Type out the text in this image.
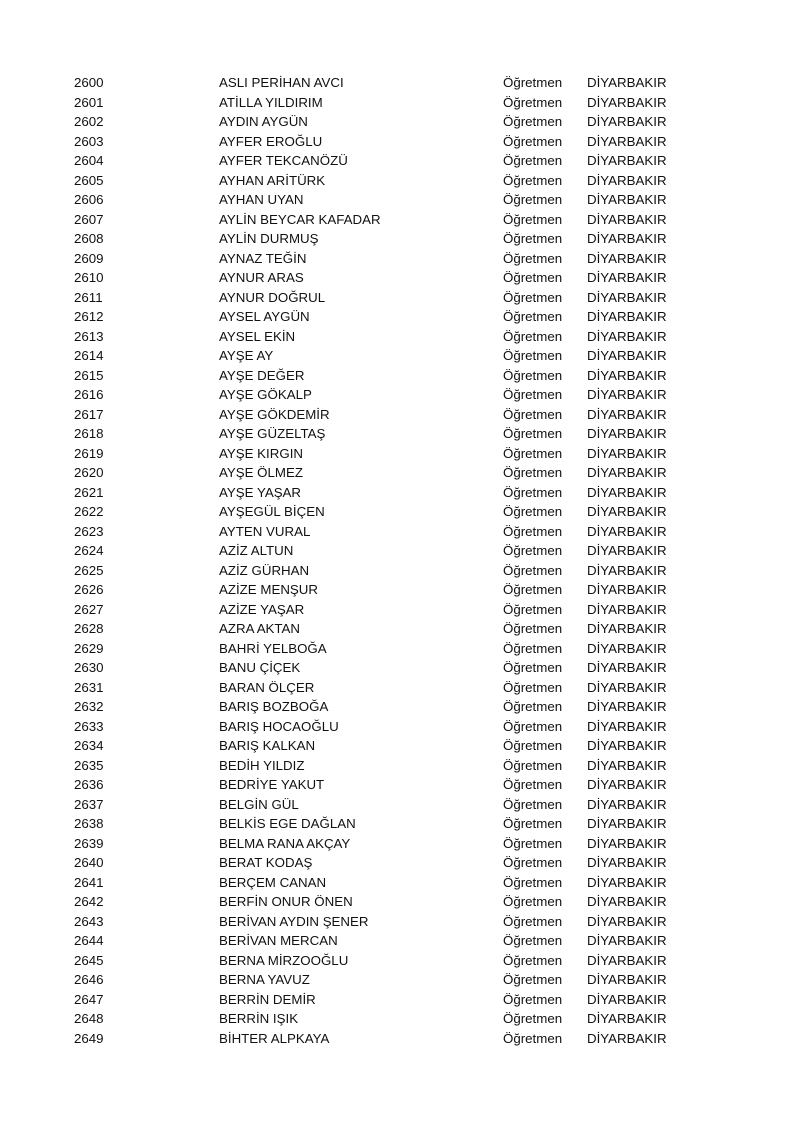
2600	ASLI PERİHAN AVCI	Öğretmen DİYARBAKIR
2601	ATİLLA YILDIRIM	Öğretmen DİYARBAKIR
2602	AYDIN AYGÜN	Öğretmen DİYARBAKIR
2603	AYFER EROĞLU	Öğretmen DİYARBAKIR
2604	AYFER TEKCANÖZÜ	Öğretmen DİYARBAKIR
2605	AYHAN ARİTÜRK	Öğretmen DİYARBAKIR
2606	AYHAN UYAN	Öğretmen DİYARBAKIR
2607	AYLİN BEYCAR KAFADAR	Öğretmen DİYARBAKIR
2608	AYLİN DURMUŞ	Öğretmen DİYARBAKIR
2609	AYNAZ TEĞİN	Öğretmen DİYARBAKIR
2610	AYNUR ARAS	Öğretmen DİYARBAKIR
2611	AYNUR DOĞRUL	Öğretmen DİYARBAKIR
2612	AYSEL AYGÜN	Öğretmen DİYARBAKIR
2613	AYSEL EKİN	Öğretmen DİYARBAKIR
2614	AYŞE AY	Öğretmen DİYARBAKIR
2615	AYŞE DEĞER	Öğretmen DİYARBAKIR
2616	AYŞE GÖKALP	Öğretmen DİYARBAKIR
2617	AYŞE GÖKDEMİR	Öğretmen DİYARBAKIR
2618	AYŞE GÜZELTAŞ	Öğretmen DİYARBAKIR
2619	AYŞE KIRGIN	Öğretmen DİYARBAKIR
2620	AYŞE ÖLMEZ	Öğretmen DİYARBAKIR
2621	AYŞE YAŞAR	Öğretmen DİYARBAKIR
2622	AYŞEGÜL BİÇEN	Öğretmen DİYARBAKIR
2623	AYTEN VURAL	Öğretmen DİYARBAKIR
2624	AZİZ ALTUN	Öğretmen DİYARBAKIR
2625	AZİZ GÜRHAN	Öğretmen DİYARBAKIR
2626	AZİZE MENŞUR	Öğretmen DİYARBAKIR
2627	AZİZE YAŞAR	Öğretmen DİYARBAKIR
2628	AZRA AKTAN	Öğretmen DİYARBAKIR
2629	BAHRİ YELBOĞA	Öğretmen DİYARBAKIR
2630	BANU ÇİÇEK	Öğretmen DİYARBAKIR
2631	BARAN ÖLÇER	Öğretmen DİYARBAKIR
2632	BARIŞ BOZBOĞA	Öğretmen DİYARBAKIR
2633	BARIŞ HOCAOĞLU	Öğretmen DİYARBAKIR
2634	BARIŞ KALKAN	Öğretmen DİYARBAKIR
2635	BEDİH YILDIZ	Öğretmen DİYARBAKIR
2636	BEDRİYE YAKUT	Öğretmen DİYARBAKIR
2637	BELGİN GÜL	Öğretmen DİYARBAKIR
2638	BELKİS EGE DAĞLAN	Öğretmen DİYARBAKIR
2639	BELMA RANA AKÇAY	Öğretmen DİYARBAKIR
2640	BERAT KODAŞ	Öğretmen DİYARBAKIR
2641	BERÇEM CANAN	Öğretmen DİYARBAKIR
2642	BERFİN ONUR ÖNEN	Öğretmen DİYARBAKIR
2643	BERİVAN AYDIN ŞENER	Öğretmen DİYARBAKIR
2644	BERİVAN MERCAN	Öğretmen DİYARBAKIR
2645	BERNA MİRZOOĞLU	Öğretmen DİYARBAKIR
2646	BERNA YAVUZ	Öğretmen DİYARBAKIR
2647	BERRİN DEMİR	Öğretmen DİYARBAKIR
2648	BERRİN IŞIK	Öğretmen DİYARBAKIR
2649	BİHTER ALPKAYA	Öğretmen DİYARBAKIR
